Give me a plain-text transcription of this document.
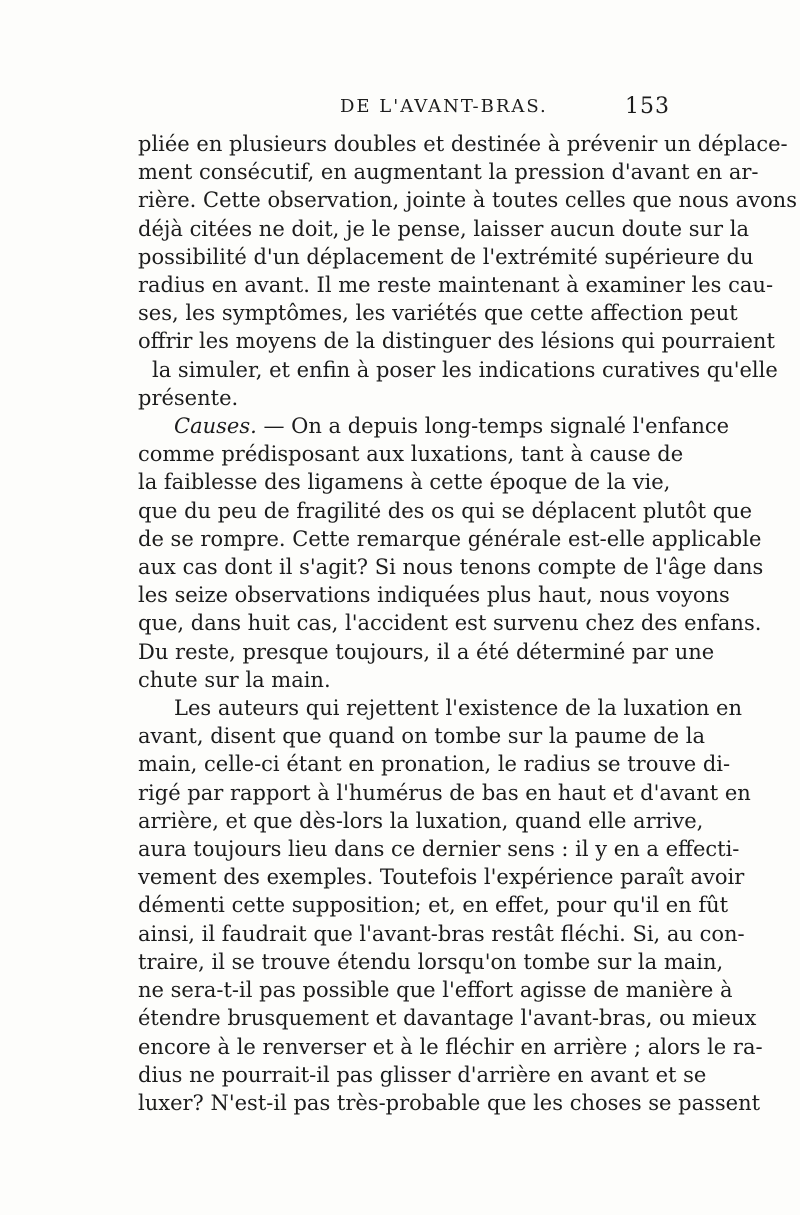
DE L'AVANT-BRAS.	153
pliée en plusieurs doubles et destinée à prévenir un déplace-
ment consécutif, en augmentant la pression d'avant en ar-
rière. Cette observation, jointe à toutes celles que nous avons
déjà citées ne doit, je le pense, laisser aucun doute sur la
possibilité d'un déplacement de l'extrémité supérieure du
radius en avant. Il me reste maintenant à examiner les cau-
ses, les symptômes, les variétés que cette affection peut
offrir les moyens de la distinguer des lésions qui pourraient
la simuler, et enfin à poser les indications curatives qu'elle
présente.
Causes. — On a depuis long-temps signalé l'enfance
comme prédisposant aux luxations, tant à cause de
la faiblesse des ligamens à cette époque de la vie,
que du peu de fragilité des os qui se déplacent plutôt que
de se rompre. Cette remarque générale est-elle applicable
aux cas dont il s'agit? Si nous tenons compte de l'âge dans
les seize observations indiquées plus haut, nous voyons
que, dans huit cas, l'accident est survenu chez des enfans.
Du reste, presque toujours, il a été déterminé par une
chute sur la main.
Les auteurs qui rejettent l'existence de la luxation en
avant, disent que quand on tombe sur la paume de la
main, celle-ci étant en pronation, le radius se trouve di-
rigé par rapport à l'humérus de bas en haut et d'avant en
arrière, et que dès-lors la luxation, quand elle arrive,
aura toujours lieu dans ce dernier sens : il y en a effecti-
vement des exemples. Toutefois l'expérience paraît avoir
démenti cette supposition; et, en effet, pour qu'il en fût
ainsi, il faudrait que l'avant-bras restât fléchi. Si, au con-
traire, il se trouve étendu lorsqu'on tombe sur la main,
ne sera-t-il pas possible que l'effort agisse de manière à
étendre brusquement et davantage l'avant-bras, ou mieux
encore à le renverser et à le fléchir en arrière ; alors le ra-
dius ne pourrait-il pas glisser d'arrière en avant et se
luxer? N'est-il pas très-probable que les choses se passent
